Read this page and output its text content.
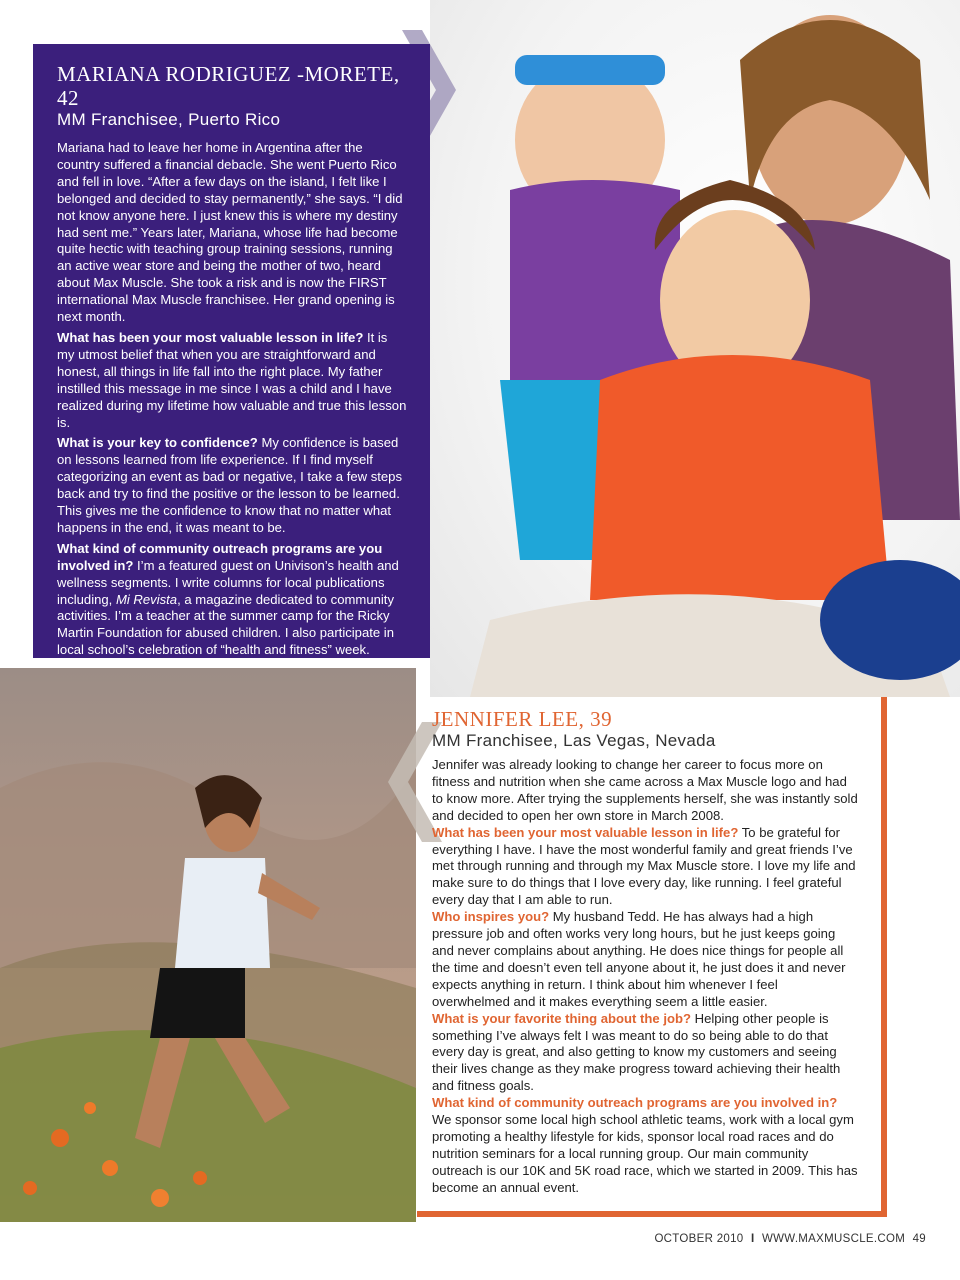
MARIANA RODRIGUEZ -MORETE, 42
MM Franchisee, Puerto Rico

Mariana had to leave her home in Argentina after the country suffered a financial debacle. She went Puerto Rico and fell in love. “After a few days on the island, I felt like I belonged and decided to stay permanently,” she says. “I did not know anyone here. I just knew this is where my destiny had sent me.” Years later, Mariana, whose life had become quite hectic with teaching group training sessions, running an active wear store and being the mother of two, heard about Max Muscle. She took a risk and is now the FIRST international Max Muscle franchisee. Her grand opening is next month.

What has been your most valuable lesson in life? It is my utmost belief that when you are straightforward and honest, all things in life fall into the right place. My father instilled this message in me since I was a child and I have realized during my lifetime how valuable and true this lesson is.

What is your key to confidence? My confidence is based on lessons learned from life experience. If I find myself categorizing an event as bad or negative, I take a few steps back and try to find the positive or the lesson to be learned. This gives me the confidence to know that no matter what happens in the end, it was meant to be.

What kind of community outreach programs are you involved in? I’m a featured guest on Univison’s health and wellness segments. I write columns for local publications including, Mi Revista, a magazine dedicated to community activities. I’m a teacher at the summer camp for the Ricky Martin Foundation for abused children. I also participate in local school’s celebration of “health and fitness” week.

JENNIFER LEE, 39
MM Franchisee, Las Vegas, Nevada

Jennifer was already looking to change her career to focus more on fitness and nutrition when she came across a Max Muscle logo and had to know more. After trying the supplements herself, she was instantly sold and decided to open her own store in March 2008.

What has been your most valuable lesson in life? To be grateful for everything I have. I have the most wonderful family and great friends I’ve met through running and through my Max Muscle store. I love my life and make sure to do things that I love every day, like running. I feel grateful every day that I am able to run.

Who inspires you? My husband Tedd. He has always had a high pressure job and often works very long hours, but he just keeps going and never complains about anything. He does nice things for people all the time and doesn’t even tell anyone about it, he just does it and never expects anything in return. I think about him whenever I feel overwhelmed and it makes everything seem a little easier.

What is your favorite thing about the job? Helping other people is something I’ve always felt I was meant to do so being able to do that every day is great, and also getting to know my customers and seeing their lives change as they make progress toward achieving their health and fitness goals.

What kind of community outreach programs are you involved in? We sponsor some local high school athletic teams, work with a local gym promoting a healthy lifestyle for kids, sponsor local road races and do nutrition seminars for a local running group. Our main community outreach is our 10K and 5K road race, which we started in 2009. This has become an annual event.

OCTOBER 2010 I WWW.MAXMUSCLE.COM 49
